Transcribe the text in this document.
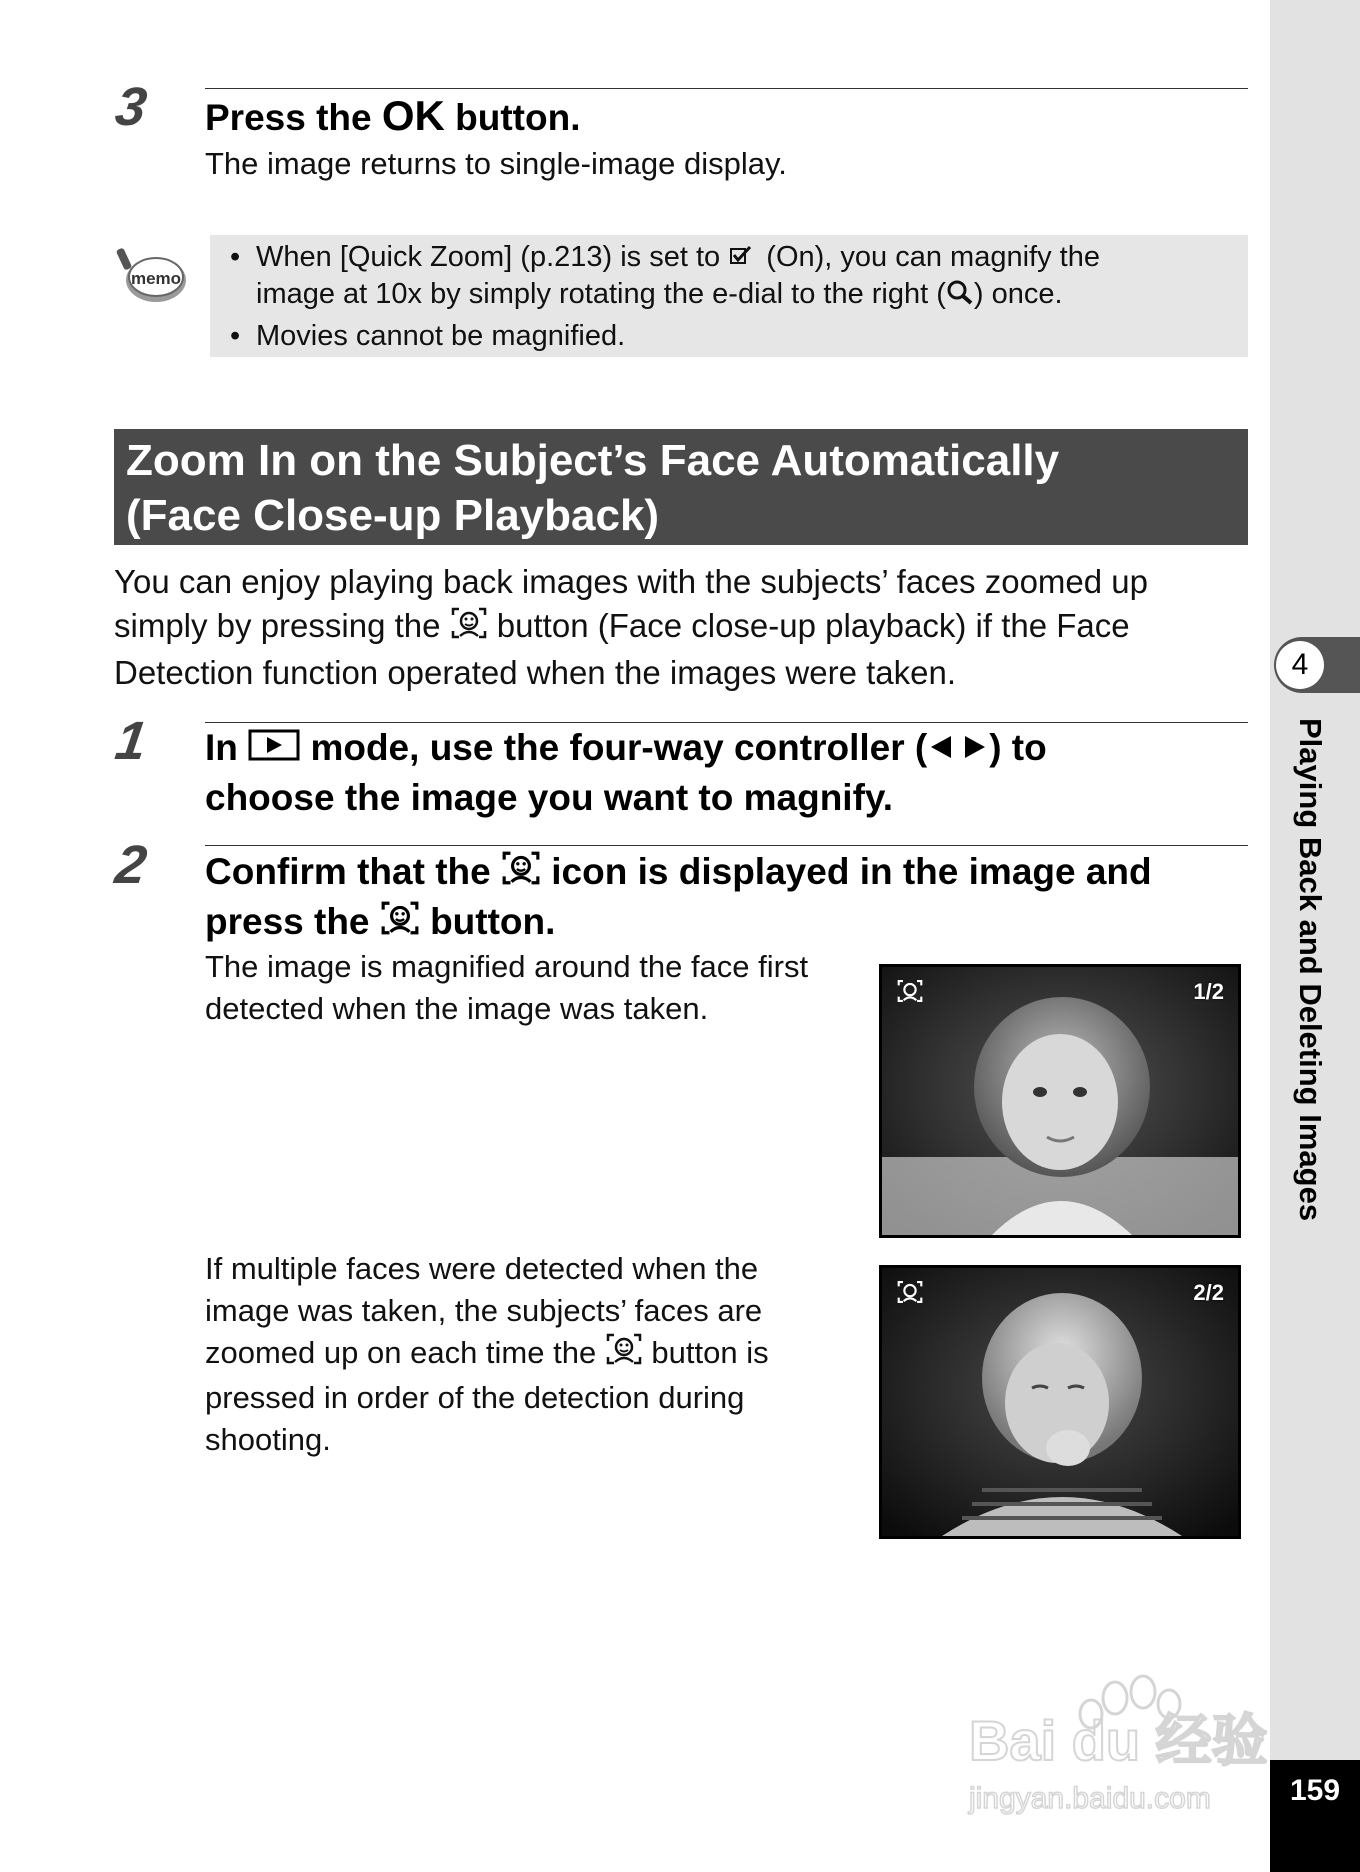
3 Press the OK button.
The image returns to single-image display.
memo
• When [Quick Zoom] (p.213) is set to  (On), you can magnify the
image at 10x by simply rotating the e-dial to the right ( ) once.
• Movies cannot be magnified.
Zoom In on the Subject’s Face Automatically
(Face Close-up Playback)
You can enjoy playing back images with the subjects’ faces zoomed up
simply by pressing the  button (Face close-up playback) if the Face
Detection function operated when the images were taken.
1 In  mode, use the four-way controller ( ) to
choose the image you want to magnify.
2 Confirm that the  icon is displayed in the image and
press the  button.
The image is magnified around the face first
detected when the image was taken.
If multiple faces were detected when the
image was taken, the subjects’ faces are
zoomed up on each time the  button is
pressed in order of the detection during
shooting.
1/2
2/2
4
Playing Back and Deleting Images
159
Bai du 经验
jingyan.baidu.com
